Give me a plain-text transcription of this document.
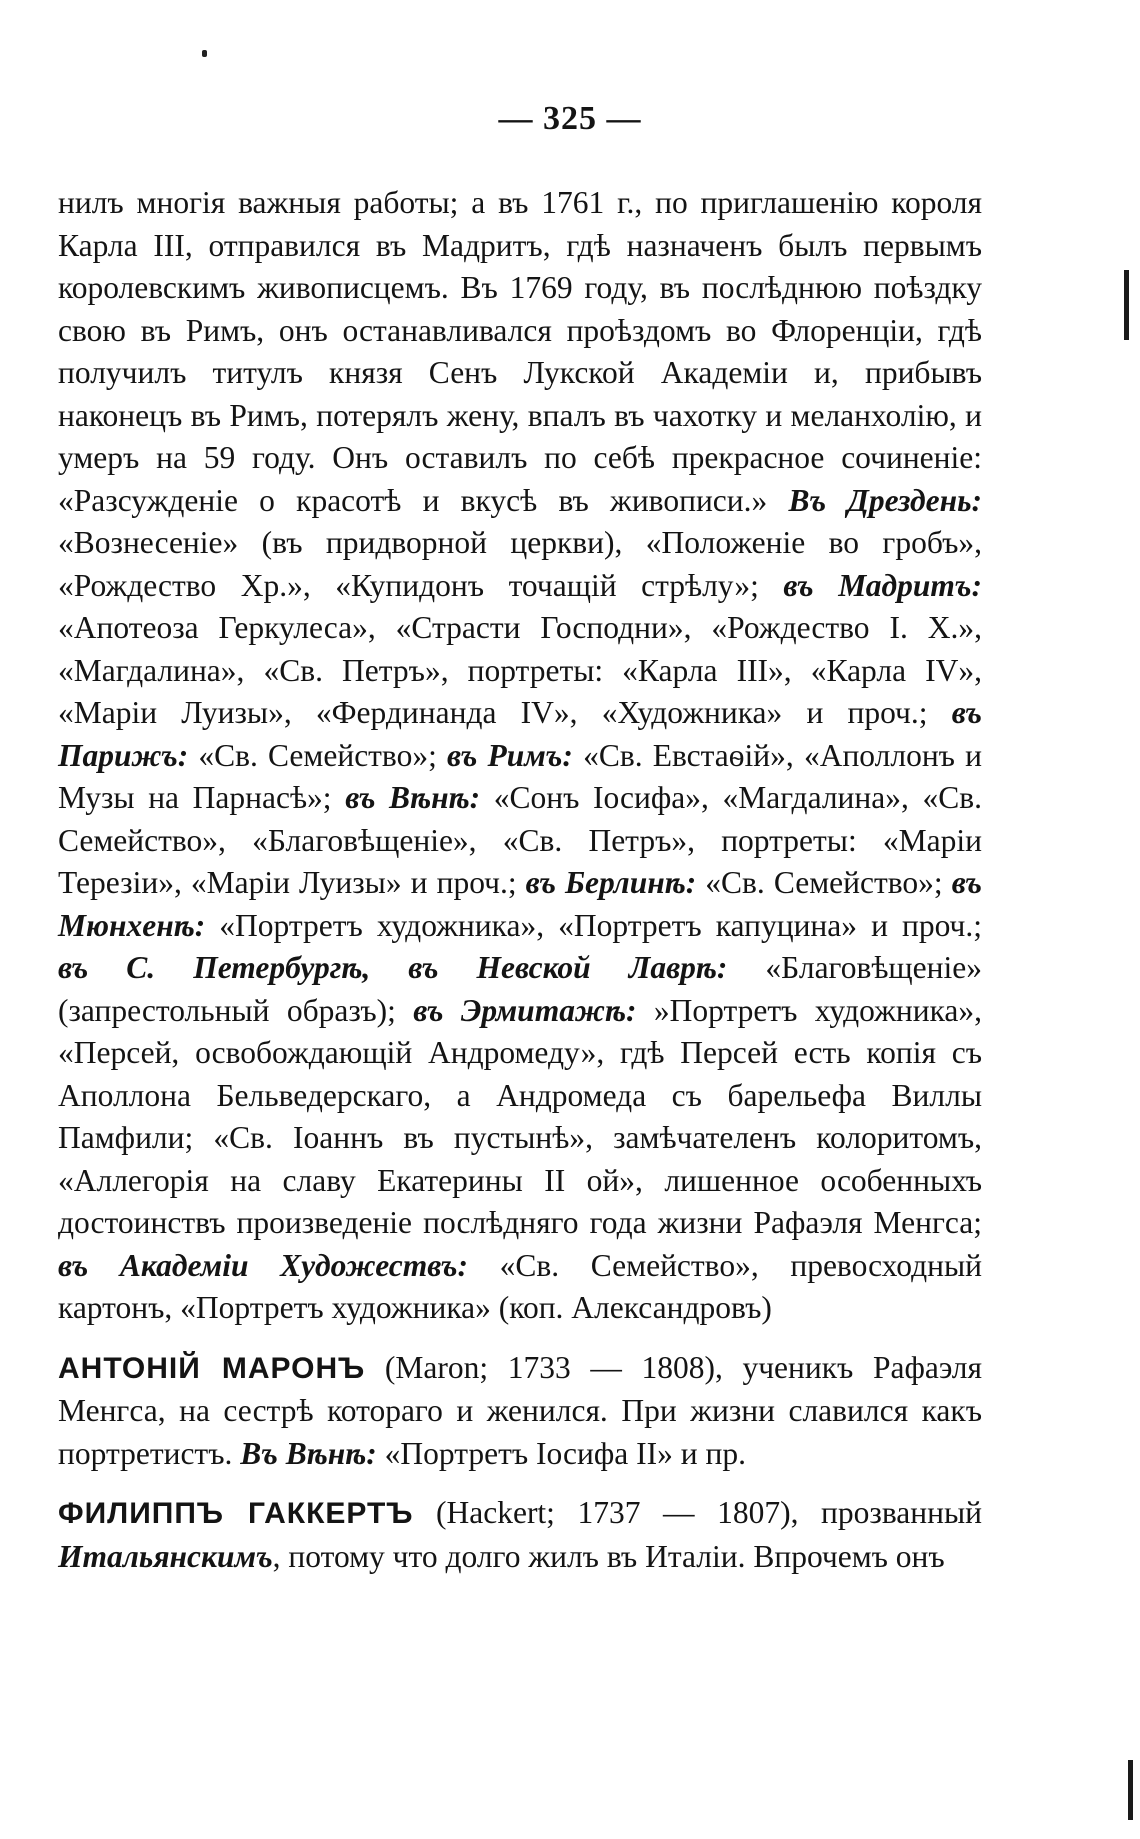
— 325 —

нилъ многія важныя работы; а въ 1761 г., по приглашенію короля Карла III, отправился въ Мадритъ, гдѣ назначенъ былъ первымъ королевскимъ живописцемъ. Въ 1769 году, въ послѣднюю поѣздку свою въ Римъ, онъ останавливался проѣздомъ во Флоренціи, гдѣ получилъ титулъ князя Сенъ Лукской Академіи и, прибывъ наконецъ въ Римъ, потерялъ жену, впалъ въ чахотку и меланхолію, и умеръ на 59 году. Онъ оставилъ по себѣ прекрасное сочиненіе: «Разсужденіе о красотѣ и вкусѣ въ живописи.» Въ Дрездень: «Вознесеніе» (въ придворной церкви), «Положеніе во гробъ», «Рождество Хр.», «Купидонъ точащій стрѣлу»; въ Мадритъ: «Апотеоза Геркулеса», «Страсти Господни», «Рождество І. Х.», «Магдалина», «Св. Петръ», портреты: «Карла III», «Карла IV», «Маріи Луизы», «Фердинанда IV», «Художника» и проч.; въ Парижъ: «Св. Семейство»; въ Римъ: «Св. Евстаѳій», «Аполлонъ и Музы на Парнасѣ»; въ Вѣнѣ: «Сонъ Іосифа», «Магдалина», «Св. Семейство», «Благовѣщеніе», «Св. Петръ», портреты: «Маріи Терезіи», «Маріи Луизы» и проч.; въ Берлинѣ: «Св. Семейство»; въ Мюнхенѣ: «Портретъ художника», «Портретъ капуцина» и проч.; въ С. Петербургѣ, въ Невской Лаврѣ: «Благовѣщеніе» (запрестольный образъ); въ Эрмитажѣ: »Портретъ художника», «Персей, освобождающій Андромеду», гдѣ Персей есть копія съ Аполлона Бельведерскаго, а Андромеда съ барельефа Виллы Памфили; «Св. Іоаннъ въ пустынѣ», замѣчателенъ колоритомъ, «Аллегорія на славу Екатерины II ой», лишенное особенныхъ достоинствъ произведеніе послѣдняго года жизни Рафаэля Менгса; въ Академіи Художествъ: «Св. Семейство», превосходный картонъ, «Портретъ художника» (коп. Александровъ)

АНТОНІЙ МАРОНЪ (Maron; 1733 — 1808), ученикъ Рафаэля Менгса, на сестрѣ котораго и женился. При жизни славился какъ портретистъ. Въ Вѣнѣ: «Портретъ Іосифа II» и пр.

ФИЛИППЪ ГАККЕРТЪ (Hackert; 1737 — 1807), прозванный Итальянскимъ, потому что долго жилъ въ Италіи. Впрочемъ онъ
